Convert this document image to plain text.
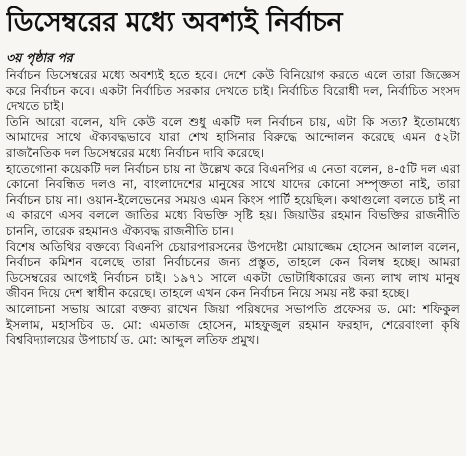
ডিসেম্বরের মধ্যে অবশ্যই নির্বাচন
৩য় পৃষ্ঠার পর

নির্বাচন ডিসেম্বরের মধ্যে অবশ্যই হতে হবে। দেশে কেউ বিনিয়োগ করতে এলে তারা জিজ্ঞেস করে নির্বাচন কবে। একটা নির্বাচিত সরকার দেখতে চাই। নির্বাচিত বিরোধী দল, নির্বাচিত সংসদ দেখতে চাই।

তিনি আরো বলেন, যদি কেউ বলে শুধু একটি দল নির্বাচন চায়, এটা কি সত্য? ইতোমধ্যে আমাদের সাথে ঐক্যবদ্ধভাবে যারা শেখ হাসিনার বিরুদ্ধে আন্দোলন করেছে এমন ৫২টা রাজনৈতিক দল ডিসেম্বরের মধ্যে নির্বাচন দাবি করেছে।

হাতেগোনা কয়েকটি দল নির্বাচন চায় না উল্লেখ করে বিএনপির এ নেতা বলেন, ৪-৫টি দল এরা কোনো নিবন্ধিত দলও না, বাংলাদেশের মানুষের সাথে যাদের কোনো সম্পৃক্ততা নাই, তারা নির্বাচন চায় না। ওয়ান-ইলেভেনের সময়ও এমন কিংস পার্টি হয়েছিল। কথাগুলো বলতে চাই না এ কারণে এসব বললে জাতির মধ্যে বিভক্তি সৃষ্টি হয়। জিয়াউর রহমান বিভক্তির রাজনীতি চাননি, তারেক রহমানও ঐক্যবদ্ধ রাজনীতি চান।

বিশেষ অতিথির বক্তব্যে বিএনপি চেয়ারপারসনের উপদেষ্টা মোয়াজ্জেম হোসেন আলাল বলেন, নির্বাচন কমিশন বলেছে তারা নির্বাচনের জন্য প্রস্তুত, তাহলে কেন বিলম্ব হচ্ছে। আমরা ডিসেম্বরের আগেই নির্বাচন চাই। ১৯৭১ সালে একটা ভোটাধিকারের জন্য লাখ লাখ মানুষ জীবন দিয়ে দেশ স্বাধীন করেছে। তাহলে এখন কেন নির্বাচন নিয়ে সময় নষ্ট করা হচ্ছে।

আলোচনা সভায় আরো বক্তব্য রাখেন জিয়া পরিষদের সভাপতি প্রফেসর ড. মো: শফিকুল ইসলাম, মহাসচিব ড. মো: এমতাজ হোসেন, মাহফুজুল রহমান ফরহাদ, শেরেবাংলা কৃষি বিশ্ববিদ্যালয়ের উপাচার্য ড. মো: আব্দুল লতিফ প্রমুখ।
